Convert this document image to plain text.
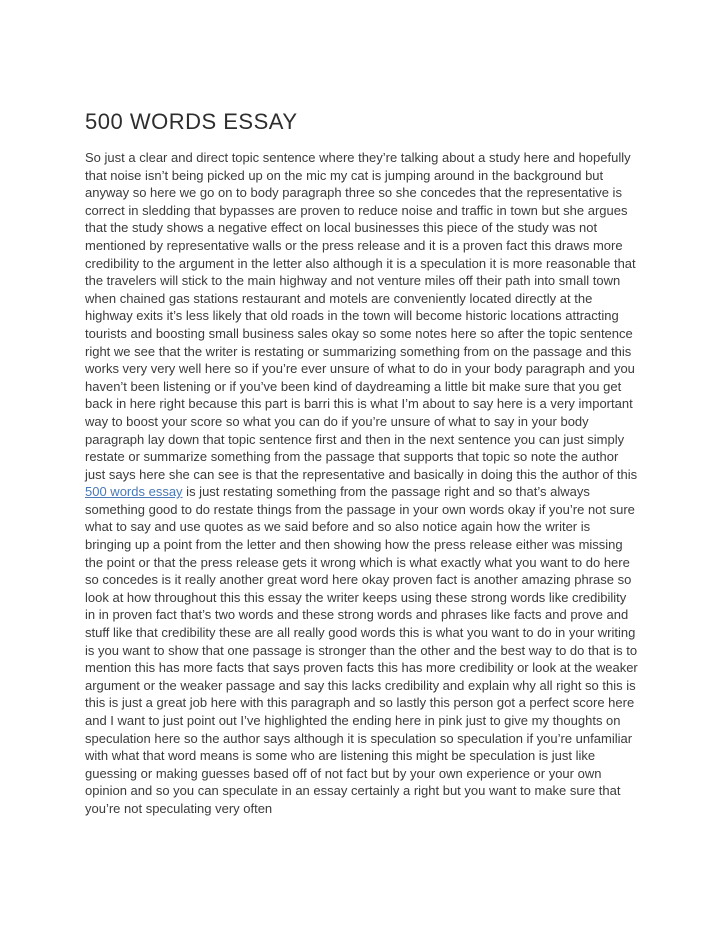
500 WORDS ESSAY
So just a clear and direct topic sentence where they’re talking about a study here and hopefully
that noise isn’t being picked up on the mic my cat is jumping around in the background but
anyway so here we go on to body paragraph three so she concedes that the representative is
correct in sledding that bypasses are proven to reduce noise and traffic in town but she argues
that the study shows a negative effect on local businesses this piece of the study was not
mentioned by representative walls or the press release and it is a proven fact this draws more
credibility to the argument in the letter also although it is a speculation it is more reasonable that
the travelers will stick to the main highway and not venture miles off their path into small town
when chained gas stations restaurant and motels are conveniently located directly at the
highway exits it’s less likely that old roads in the town will become historic locations attracting
tourists and boosting small business sales okay so some notes here so after the topic sentence
right we see that the writer is restating or summarizing something from on the passage and this
works very very well here so if you’re ever unsure of what to do in your body paragraph and you
haven’t been listening or if you’ve been kind of daydreaming a little bit make sure that you get
back in here right because this part is barri this is what I’m about to say here is a very important
way to boost your score so what you can do if you’re unsure of what to say in your body
paragraph lay down that topic sentence first and then in the next sentence you can just simply
restate or summarize something from the passage that supports that topic so note the author
just says here she can see is that the representative and basically in doing this the author of this
500 words essay is just restating something from the passage right and so that’s always
something good to do restate things from the passage in your own words okay if you’re not sure
what to say and use quotes as we said before and so also notice again how the writer is
bringing up a point from the letter and then showing how the press release either was missing
the point or that the press release gets it wrong which is what exactly what you want to do here
so concedes is it really another great word here okay proven fact is another amazing phrase so
look at how throughout this this essay the writer keeps using these strong words like credibility
in in proven fact that’s two words and these strong words and phrases like facts and prove and
stuff like that credibility these are all really good words this is what you want to do in your writing
is you want to show that one passage is stronger than the other and the best way to do that is to
mention this has more facts that says proven facts this has more credibility or look at the weaker
argument or the weaker passage and say this lacks credibility and explain why all right so this is
this is just a great job here with this paragraph and so lastly this person got a perfect score here
and I want to just point out I’ve highlighted the ending here in pink just to give my thoughts on
speculation here so the author says although it is speculation so speculation if you’re unfamiliar
with what that word means is some who are listening this might be speculation is just like
guessing or making guesses based off of not fact but by your own experience or your own
opinion and so you can speculate in an essay certainly a right but you want to make sure that
you’re not speculating very often
